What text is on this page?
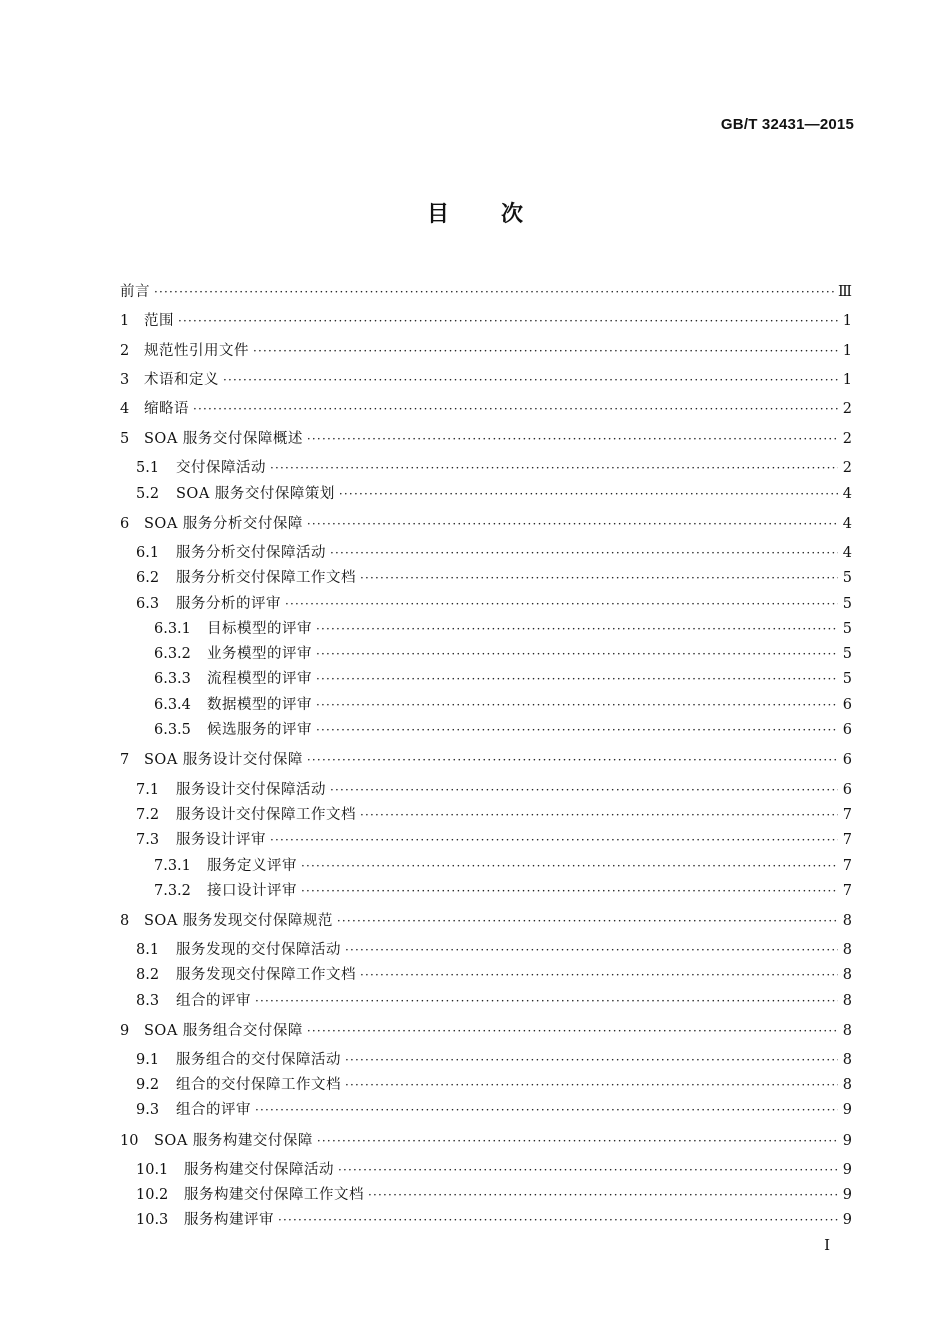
GB/T 32431—2015
目次
前言 ·····	Ⅲ
1	范围 ·····	1
2	规范性引用文件 ·····	1
3	术语和定义 ·····	1
4	缩略语 ·····	2
5	SOA 服务交付保障概述 ·····	2
5.1	交付保障活动 ·····	2
5.2	SOA 服务交付保障策划 ·····	4
6	SOA 服务分析交付保障 ·····	4
6.1	服务分析交付保障活动 ·····	4
6.2	服务分析交付保障工作文档 ·····	5
6.3	服务分析的评审 ·····	5
6.3.1	目标模型的评审 ·····	5
6.3.2	业务模型的评审 ·····	5
6.3.3	流程模型的评审 ·····	5
6.3.4	数据模型的评审 ·····	6
6.3.5	候选服务的评审 ·····	6
7	SOA 服务设计交付保障 ·····	6
7.1	服务设计交付保障活动 ·····	6
7.2	服务设计交付保障工作文档 ·····	7
7.3	服务设计评审 ·····	7
7.3.1	服务定义评审 ·····	7
7.3.2	接口设计评审 ·····	7
8	SOA 服务发现交付保障规范 ·····	8
8.1	服务发现的交付保障活动 ·····	8
8.2	服务发现交付保障工作文档 ·····	8
8.3	组合的评审 ·····	8
9	SOA 服务组合交付保障 ·····	8
9.1	服务组合的交付保障活动 ·····	8
9.2	组合的交付保障工作文档 ·····	8
9.3	组合的评审 ·····	9
10	SOA 服务构建交付保障 ·····	9
10.1	服务构建交付保障活动 ·····	9
10.2	服务构建交付保障工作文档 ·····	9
10.3	服务构建评审 ·····	9
I
